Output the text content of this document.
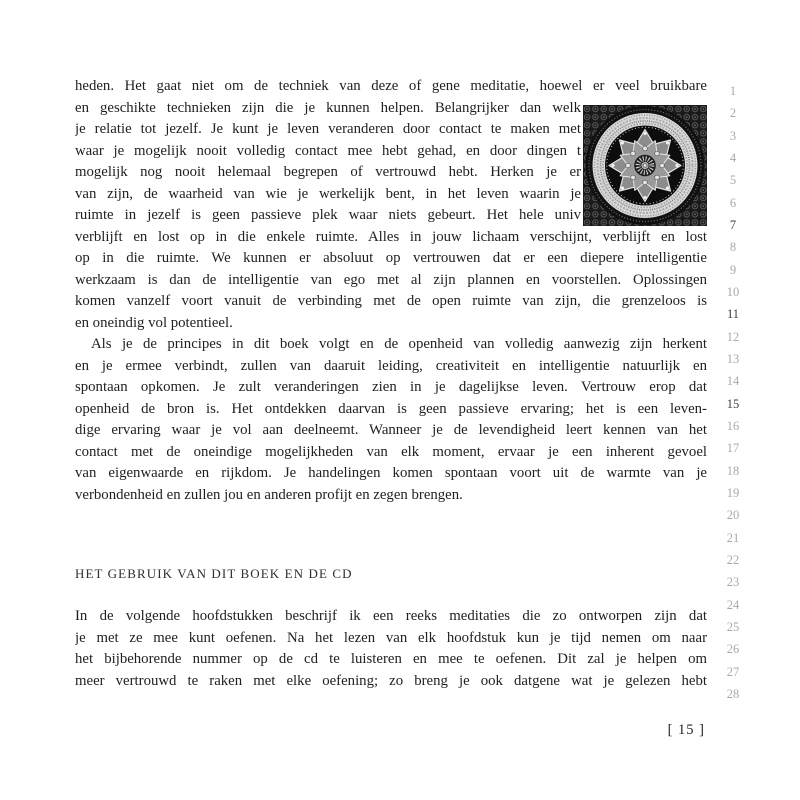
heden. Het gaat niet om de techniek van deze of gene meditatie, hoewel er veel bruikbare
en geschikte technieken zijn die je kunnen helpen. Belangrijker dan welk
je relatie tot jezelf. Je kunt je leven veranderen door contact te maken met
waar je mogelijk nooit volledig contact mee hebt gehad, en door dingen t
mogelijk nog nooit helemaal begrepen of vertrouwd hebt. Herken je er
van zijn, de waarheid van wie je werkelijk bent, in het leven waarin je
ruimte in jezelf is geen passieve plek waar niets gebeurt. Het hele univ
verblijft en lost op in die enkele ruimte. Alles in jouw lichaam verschijnt, verblijft en lost
op in die ruimte. We kunnen er absoluut op vertrouwen dat er een diepere intelligentie
werkzaam is dan de intelligentie van ego met al zijn plannen en voorstellen. Oplossingen
komen vanzelf voort vanuit de verbinding met de open ruimte van zijn, die grenzeloos is
en oneindig vol potentieel.
Als je de principes in dit boek volgt en de openheid van volledig aanwezig zijn herkent
en je ermee verbindt, zullen van daaruit leiding, creativiteit en intelligentie natuurlijk en
spontaan opkomen. Je zult veranderingen zien in je dagelijkse leven. Vertrouw erop dat
openheid de bron is. Het ontdekken daarvan is geen passieve ervaring; het is een leven-
dige ervaring waar je vol aan deelneemt. Wanneer je de levendigheid leert kennen van het
contact met de oneindige mogelijkheden van elk moment, ervaar je een inherent gevoel
van eigenwaarde en rijkdom. Je handelingen komen spontaan voort uit de warmte van je
verbondenheid en zullen jou en anderen profijt en zegen brengen.
HET GEBRUIK VAN DIT BOEK EN DE CD
In de volgende hoofdstukken beschrijf ik een reeks meditaties die zo ontworpen zijn dat
je met ze mee kunt oefenen. Na het lezen van elk hoofdstuk kun je tijd nemen om naar
het bijbehorende nummer op de cd te luisteren en mee te oefenen. Dit zal je helpen om
meer vertrouwd te raken met elke oefening; zo breng je ook datgene wat je gelezen hebt
1
2
3
4
5
6
7
8
9
10
11
12
13
14
15
16
17
18
19
20
21
22
23
24
25
26
27
28
[ 15 ]
